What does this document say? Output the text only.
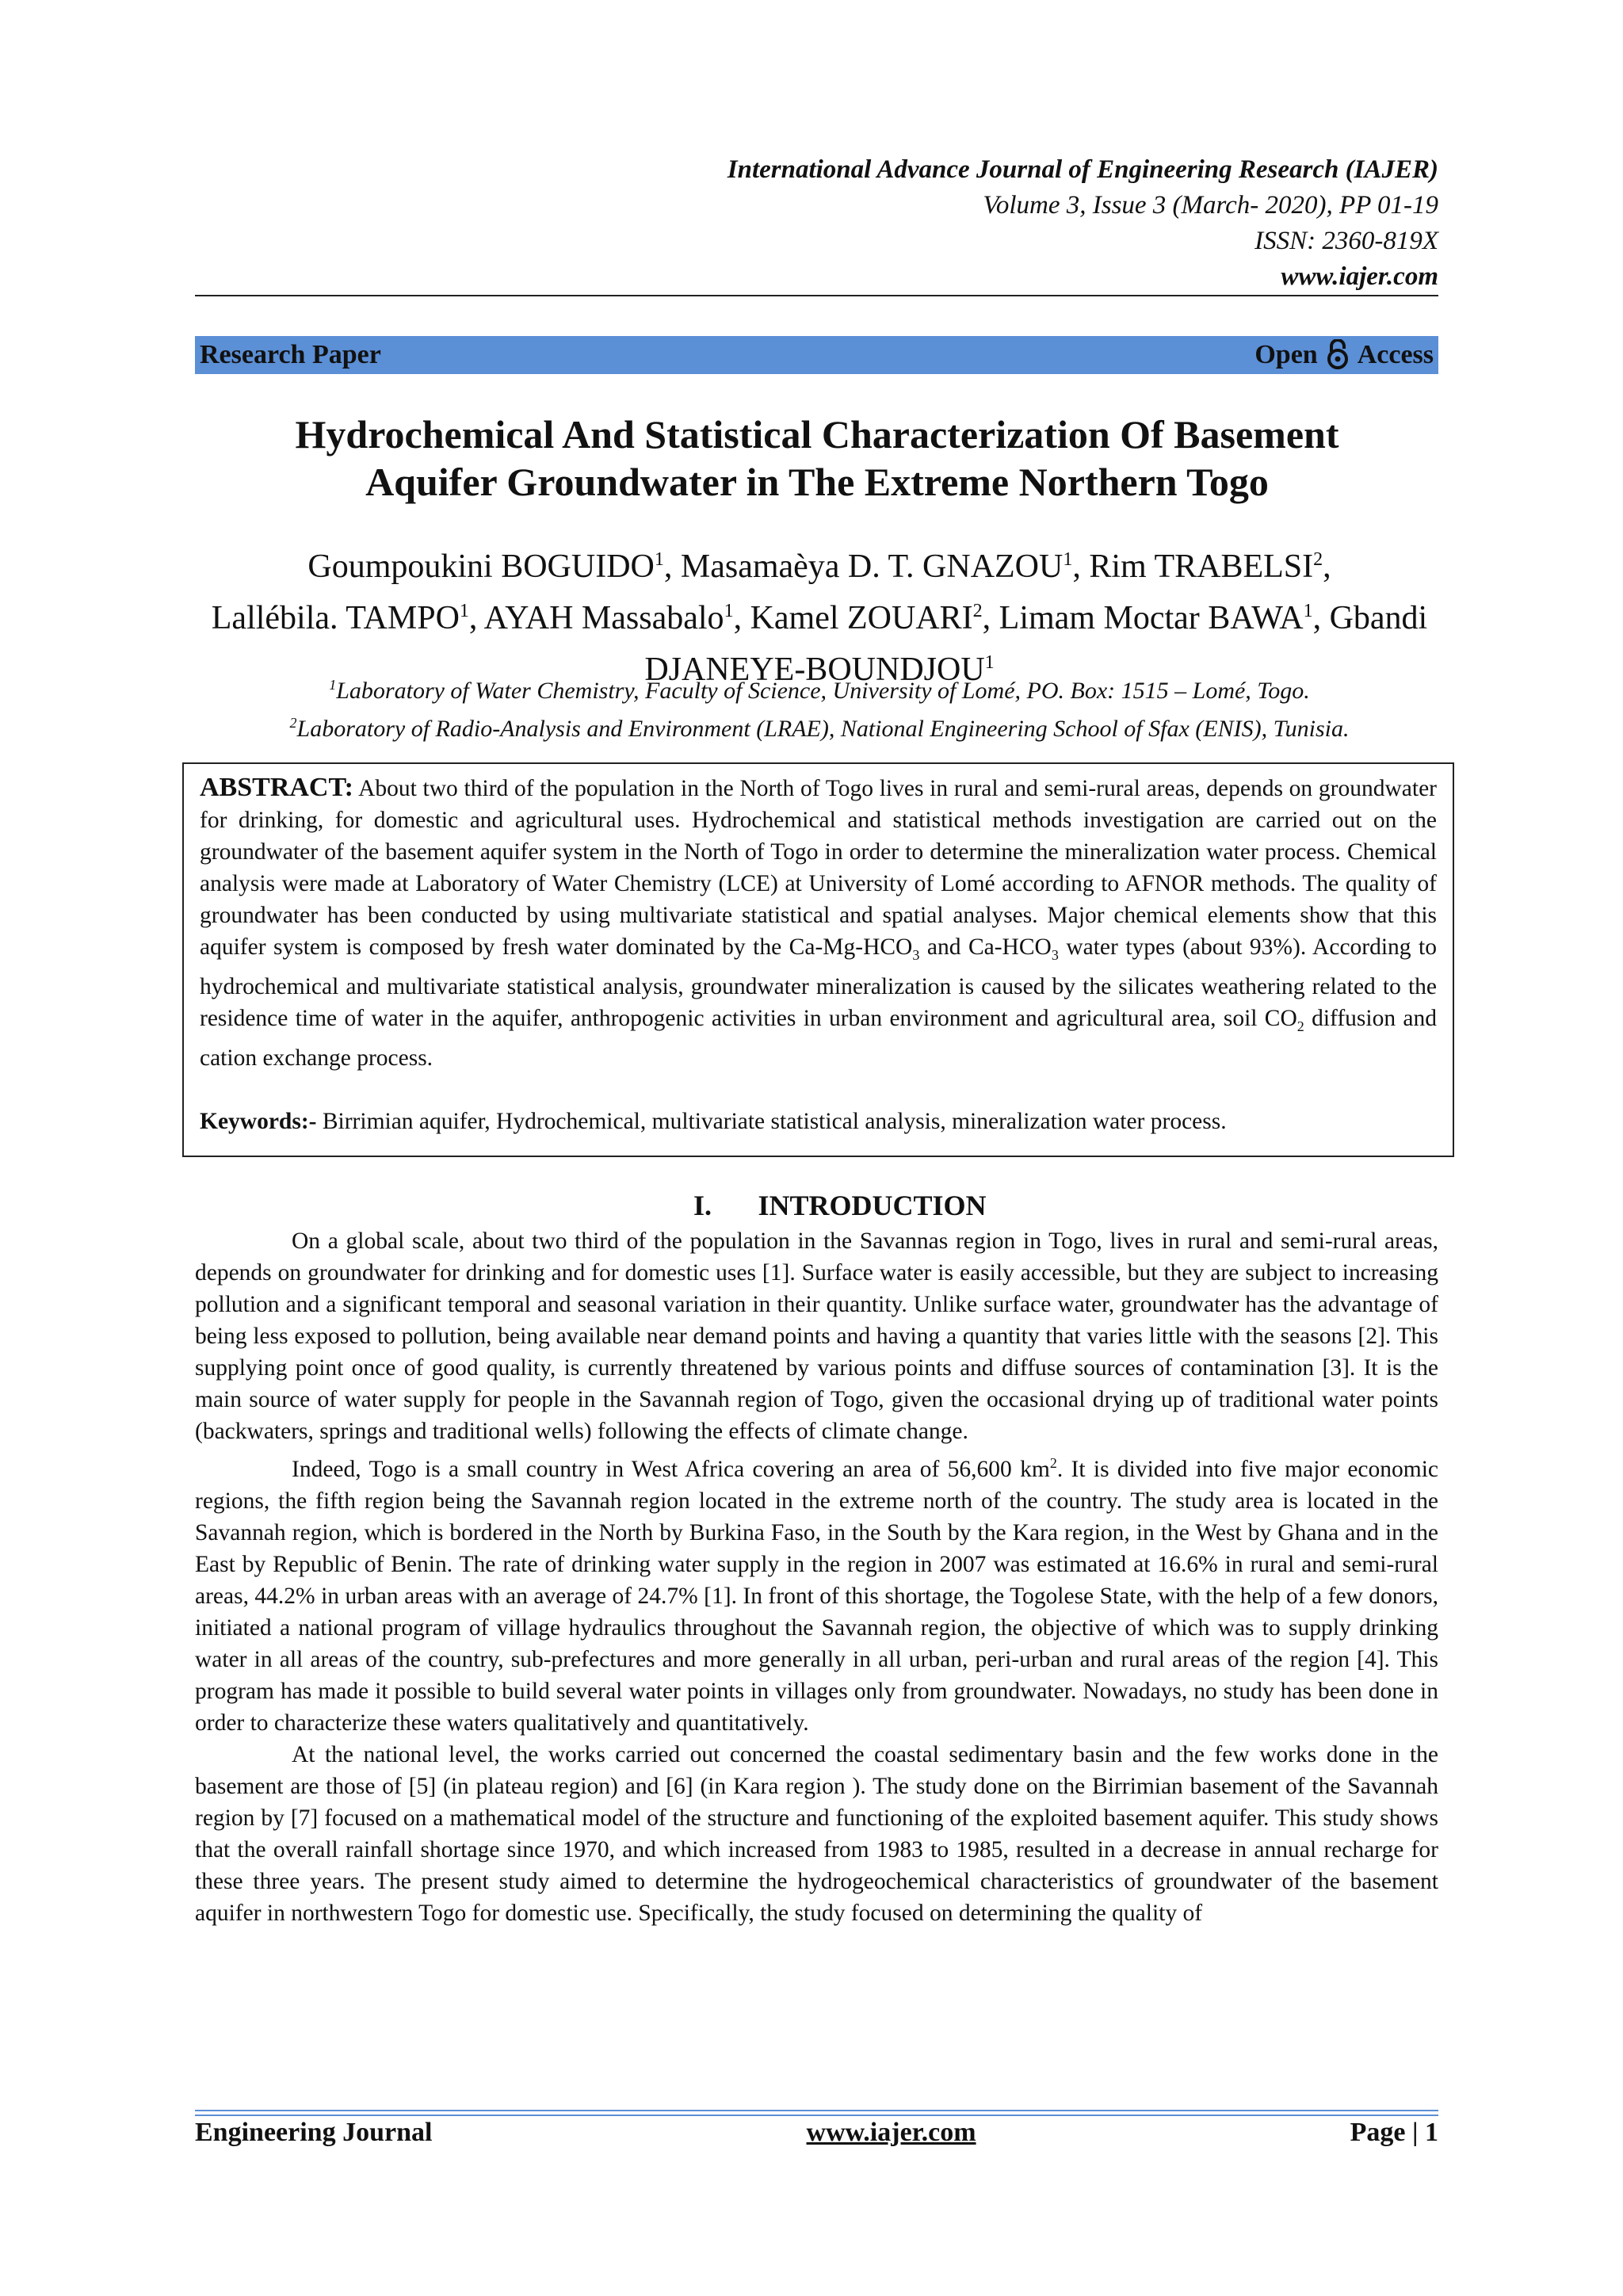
International Advance Journal of Engineering Research (IAJER)
Volume 3, Issue 3 (March- 2020), PP 01-19
ISSN: 2360-819X
www.iajer.com
Research Paper	Open Access
Hydrochemical And Statistical Characterization Of Basement
Aquifer Groundwater in The Extreme Northern Togo
Goumpoukini BOGUIDO$^1$, Masamaèya D. T. GNAZOU$^1$, Rim TRABELSI$^2$,
Lallébila. TAMPO$^1$, AYAH Massabalo$^1$, Kamel ZOUARI$^2$, Limam Moctar BAWA$^1$, Gbandi DJANEYE-BOUNDJOU$^1$
$^1$Laboratory of Water Chemistry, Faculty of Science, University of Lomé, PO. Box: 1515 – Lomé, Togo.
$^2$Laboratory of Radio-Analysis and Environment (LRAE), National Engineering School of Sfax (ENIS), Tunisia.
ABSTRACT: About two third of the population in the North of Togo lives in rural and semi-rural areas, depends on groundwater for drinking, for domestic and agricultural uses. Hydrochemical and statistical methods investigation are carried out on the groundwater of the basement aquifer system in the North of Togo in order to determine the mineralization water process. Chemical analysis were made at Laboratory of Water Chemistry (LCE) at University of Lomé according to AFNOR methods. The quality of groundwater has been conducted by using multivariate statistical and spatial analyses. Major chemical elements show that this aquifer system is composed by fresh water dominated by the $Ca-Mg-HCO_3$ and $Ca-HCO_3$ water types (about 93%). According to hydrochemical and multivariate statistical analysis, groundwater mineralization is caused by the silicates weathering related to the residence time of water in the aquifer, anthropogenic activities in urban environment and agricultural area, soil $CO_2$ diffusion and cation exchange process.
Keywords:- Birrimian aquifer, Hydrochemical, multivariate statistical analysis, mineralization water process.
I. INTRODUCTION

On a global scale, about two third of the population in the Savannas region in Togo, lives in rural and semi-rural areas, depends on groundwater for drinking and for domestic uses [1]. Surface water is easily accessible, but they are subject to increasing pollution and a significant temporal and seasonal variation in their quantity. Unlike surface water, groundwater has the advantage of being less exposed to pollution, being available near demand points and having a quantity that varies little with the seasons [2]. This supplying point once of good quality, is currently threatened by various points and diffuse sources of contamination [3]. It is the main source of water supply for people in the Savannah region of Togo, given the occasional drying up of traditional water points (backwaters, springs and traditional wells) following the effects of climate change.

Indeed, Togo is a small country in West Africa covering an area of 56,600 $km^2$. It is divided into five major economic regions, the fifth region being the Savannah region located in the extreme north of the country. The study area is located in the Savannah region, which is bordered in the North by Burkina Faso, in the South by the Kara region, in the West by Ghana and in the East by Republic of Benin. The rate of drinking water supply in the region in 2007 was estimated at 16.6% in rural and semi-rural areas, 44.2% in urban areas with an average of 24.7% [1]. In front of this shortage, the Togolese State, with the help of a few donors, initiated a national program of village hydraulics throughout the Savannah region, the objective of which was to supply drinking water in all areas of the country, sub-prefectures and more generally in all urban, peri-urban and rural areas of the region [4]. This program has made it possible to build several water points in villages only from groundwater. Nowadays, no study has been done in order to characterize these waters qualitatively and quantitatively.

At the national level, the works carried out concerned the coastal sedimentary basin and the few works done in the basement are those of [5] (in plateau region) and [6] (in Kara region ). The study done on the Birrimian basement of the Savannah region by [7] focused on a mathematical model of the structure and functioning of the exploited basement aquifer. This study shows that the overall rainfall shortage since 1970, and which increased from 1983 to 1985, resulted in a decrease in annual recharge for these three years. The present study aimed to determine the hydrogeochemical characteristics of groundwater of the basement aquifer in northwestern Togo for domestic use. Specifically, the study focused on determining the quality of

Engineering Journal	www.iajer.com	Page | 1
